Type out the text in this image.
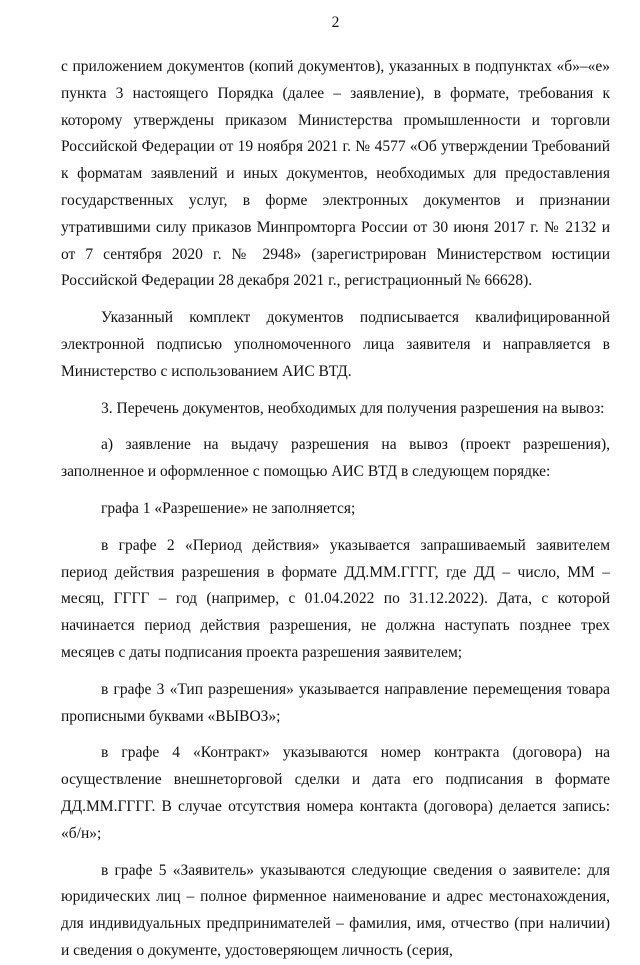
2

с приложением документов (копий документов), указанных в подпунктах «б»–«е» пункта 3 настоящего Порядка (далее – заявление), в формате, требования к которому утверждены приказом Министерства промышленности и торговли Российской Федерации от 19 ноября 2021 г. № 4577 «Об утверждении Требований к форматам заявлений и иных документов, необходимых для предоставления государственных услуг, в форме электронных документов и признании утратившими силу приказов Минпромторга России от 30 июня 2017 г. № 2132 и от 7 сентября 2020 г. № 2948» (зарегистрирован Министерством юстиции Российской Федерации 28 декабря 2021 г., регистрационный № 66628).

Указанный комплект документов подписывается квалифицированной электронной подписью уполномоченного лица заявителя и направляется в Министерство с использованием АИС ВТД.

3. Перечень документов, необходимых для получения разрешения на вывоз:

а) заявление на выдачу разрешения на вывоз (проект разрешения), заполненное и оформленное с помощью АИС ВТД в следующем порядке:

графа 1 «Разрешение» не заполняется;

в графе 2 «Период действия» указывается запрашиваемый заявителем период действия разрешения в формате ДД.ММ.ГГГГ, где ДД – число, ММ – месяц, ГГГГ – год (например, с 01.04.2022 по 31.12.2022). Дата, с которой начинается период действия разрешения, не должна наступать позднее трех месяцев с даты подписания проекта разрешения заявителем;

в графе 3 «Тип разрешения» указывается направление перемещения товара прописными буквами «ВЫВОЗ»;

в графе 4 «Контракт» указываются номер контракта (договора) на осуществление внешнеторговой сделки и дата его подписания в формате ДД.ММ.ГГГГ. В случае отсутствия номера контакта (договора) делается запись: «б/н»;

в графе 5 «Заявитель» указываются следующие сведения о заявителе: для юридических лиц – полное фирменное наименование и адрес местонахождения, для индивидуальных предпринимателей – фамилия, имя, отчество (при наличии) и сведения о документе, удостоверяющем личность (серия,
